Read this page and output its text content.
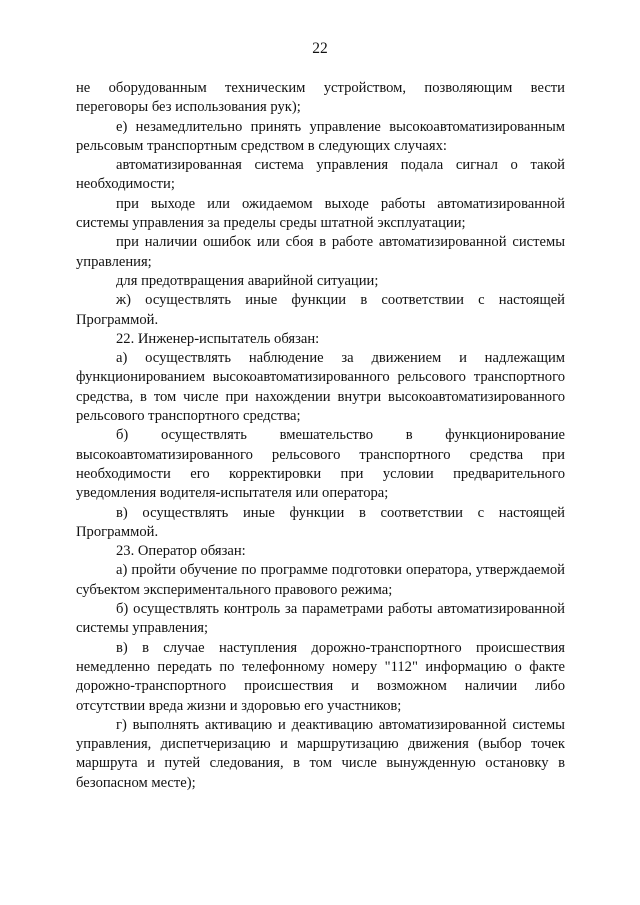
22

не оборудованным техническим устройством, позволяющим вести переговоры без использования рук);

е) незамедлительно принять управление высокоавтоматизированным рельсовым транспортным средством в следующих случаях:

автоматизированная система управления подала сигнал о такой необходимости;

при выходе или ожидаемом выходе работы автоматизированной системы управления за пределы среды штатной эксплуатации;

при наличии ошибок или сбоя в работе автоматизированной системы управления;

для предотвращения аварийной ситуации;

ж) осуществлять иные функции в соответствии с настоящей Программой.

22. Инженер-испытатель обязан:

а) осуществлять наблюдение за движением и надлежащим функционированием высокоавтоматизированного рельсового транспортного средства, в том числе при нахождении внутри высокоавтоматизированного рельсового транспортного средства;

б) осуществлять вмешательство в функционирование высокоавтоматизированного рельсового транспортного средства при необходимости его корректировки при условии предварительного уведомления водителя-испытателя или оператора;

в) осуществлять иные функции в соответствии с настоящей Программой.

23. Оператор обязан:

а) пройти обучение по программе подготовки оператора, утверждаемой субъектом экспериментального правового режима;

б) осуществлять контроль за параметрами работы автоматизированной системы управления;

в) в случае наступления дорожно-транспортного происшествия немедленно передать по телефонному номеру "112" информацию о факте дорожно-транспортного происшествия и возможном наличии либо отсутствии вреда жизни и здоровью его участников;

г) выполнять активацию и деактивацию автоматизированной системы управления, диспетчеризацию и маршрутизацию движения (выбор точек маршрута и путей следования, в том числе вынужденную остановку в безопасном месте);
